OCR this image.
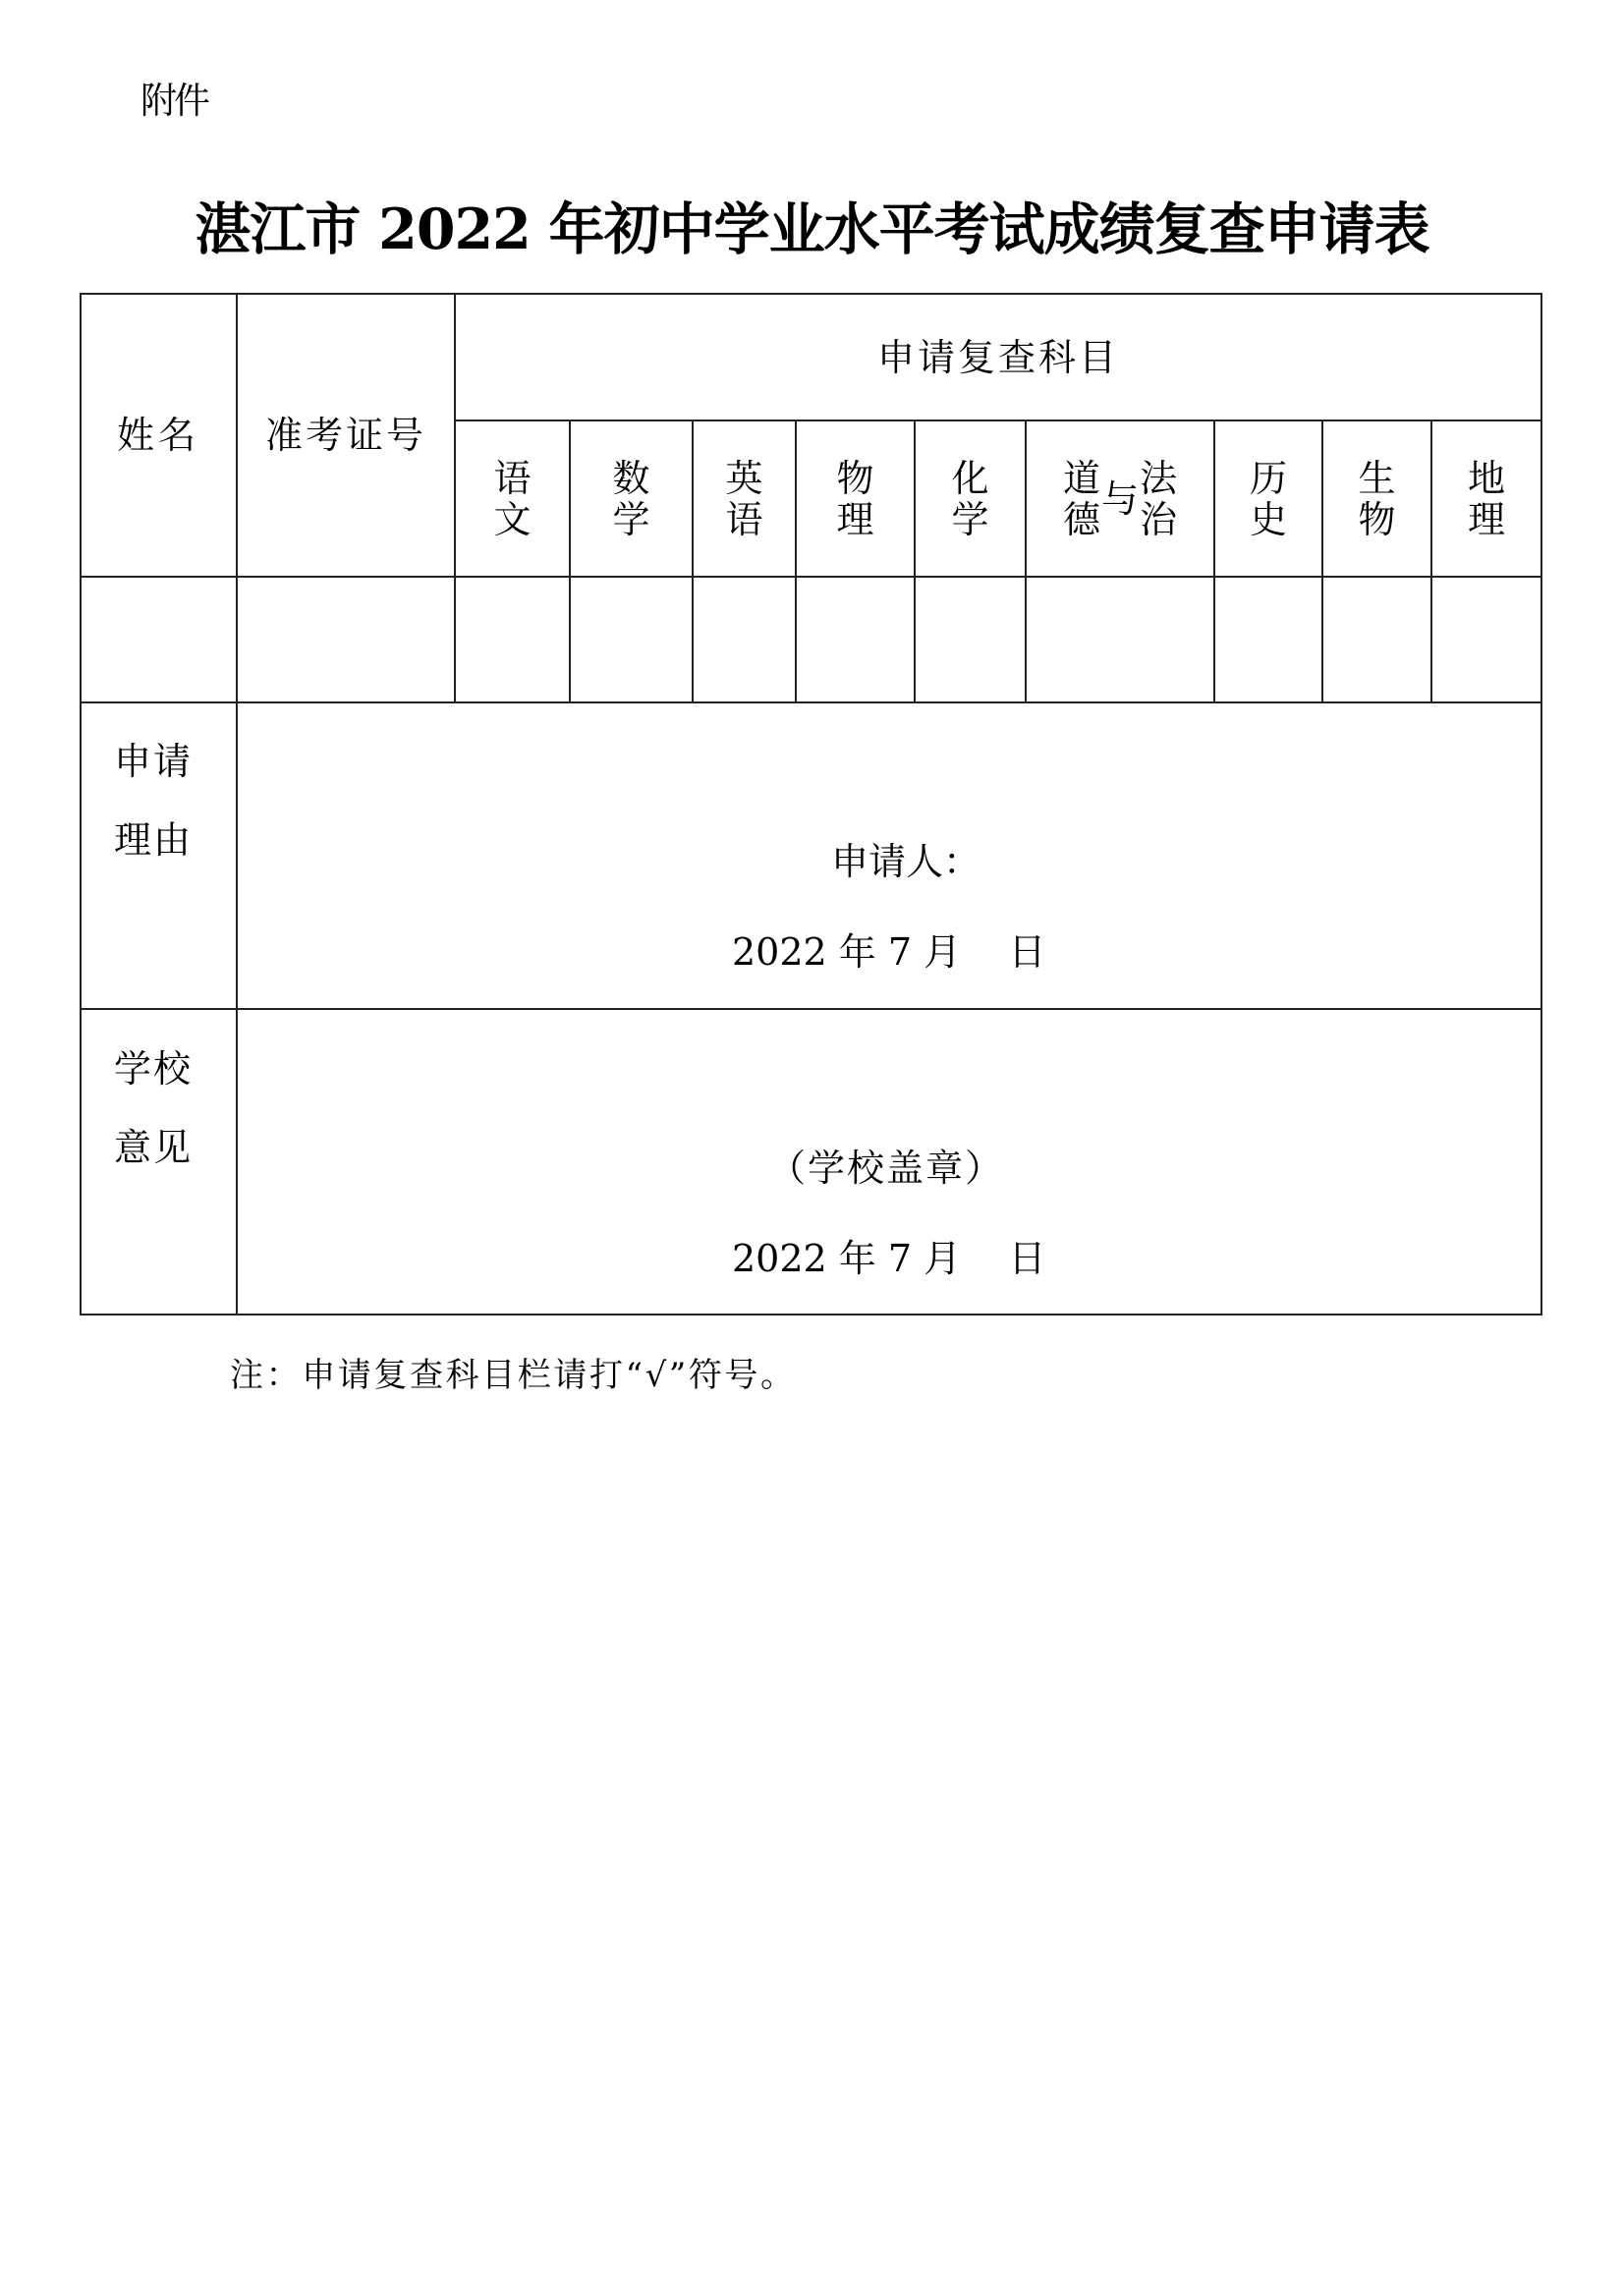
附件
湛江市 2022 年初中学业水平考试成绩复查申请表
姓名 准考证号
申请复查科目
语
文
数
学
英
语
物
理
化
学
道
德 与 法
治
历
史
生
物
地
理
申请
理由	申请人：
2022 年 7 月    日
学校
意见	（学校盖章）
2022 年 7 月    日
注：申请复查科目栏请打“√”符号。
